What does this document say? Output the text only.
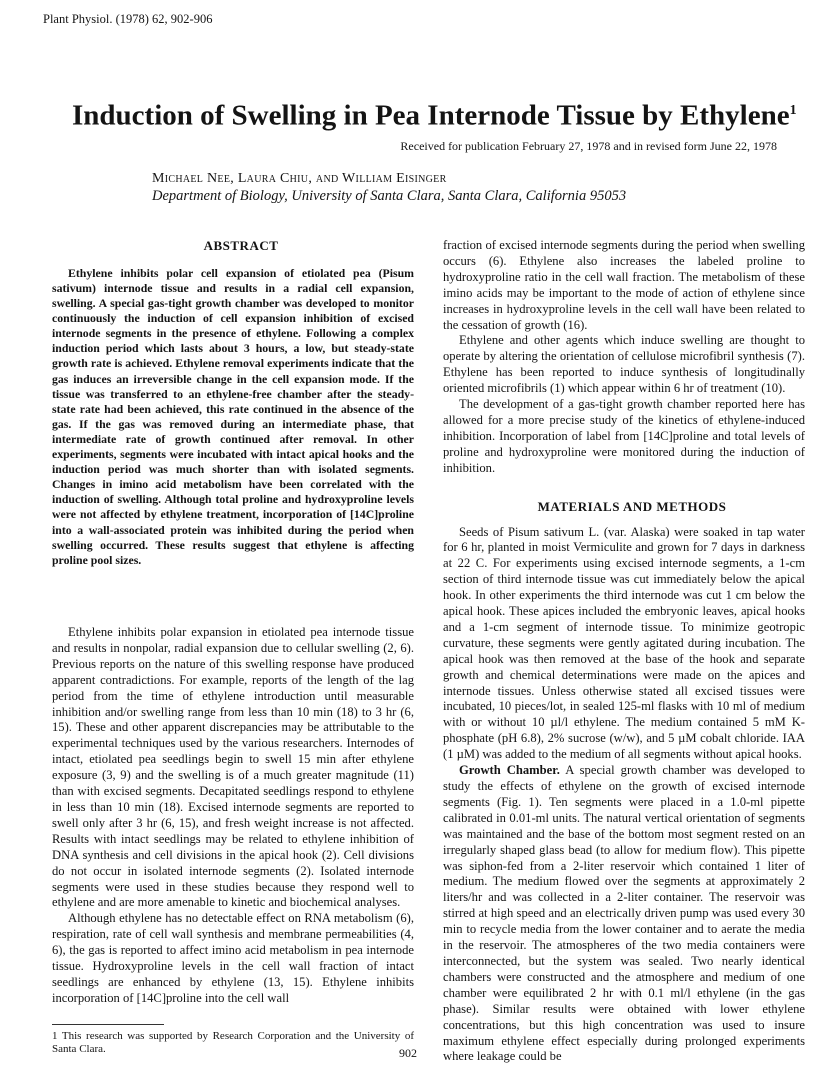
Plant Physiol. (1978) 62, 902-906
Induction of Swelling in Pea Internode Tissue by Ethylene$^1$
Received for publication February 27, 1978 and in revised form June 22, 1978
Michael Nee, Laura Chiu, and William Eisinger
Department of Biology, University of Santa Clara, Santa Clara, California 95053

ABSTRACT

Ethylene inhibits polar cell expansion of etiolated pea (Pisum sativum) internode tissue and results in a radial cell expansion, swelling. A special gas-tight growth chamber was developed to monitor continuously the induction of cell expansion inhibition of excised internode segments in the presence of ethylene. Following a complex induction period which lasts about 3 hours, a low, but steady-state growth rate is achieved. Ethylene removal experiments indicate that the gas induces an irreversible change in the cell expansion mode. If the tissue was transferred to an ethylene-free chamber after the steady-state rate had been achieved, this rate continued in the absence of the gas. If the gas was removed during an intermediate phase, that intermediate rate of growth continued after removal. In other experiments, segments were incubated with intact apical hooks and the induction period was much shorter than with isolated segments. Changes in imino acid metabolism have been correlated with the induction of swelling. Although total proline and hydroxyproline levels were not affected by ethylene treatment, incorporation of [14C]proline into a wall-associated protein was inhibited during the period when swelling occurred. These results suggest that ethylene is affecting proline pool sizes.

Ethylene inhibits polar expansion in etiolated pea internode tissue and results in nonpolar, radial expansion due to cellular swelling (2, 6). Previous reports on the nature of this swelling response have produced apparent contradictions. For example, reports of the length of the lag period from the time of ethylene introduction until measurable inhibition and/or swelling range from less than 10 min (18) to 3 hr (6, 15). These and other apparent discrepancies may be attributable to the experimental techniques used by the various researchers. Internodes of intact, etiolated pea seedlings begin to swell 15 min after ethylene exposure (3, 9) and the swelling is of a much greater magnitude (11) than with excised segments. Decapitated seedlings respond to ethylene in less than 10 min (18). Excised internode segments are reported to swell only after 3 hr (6, 15), and fresh weight increase is not affected. Results with intact seedlings may be related to ethylene inhibition of DNA synthesis and cell divisions in the apical hook (2). Cell divisions do not occur in isolated internode segments (2). Isolated internode segments were used in these studies because they respond well to ethylene and are more amenable to kinetic and biochemical analyses.

Although ethylene has no detectable effect on RNA metabolism (6), respiration, rate of cell wall synthesis and membrane permeabilities (4, 6), the gas is reported to affect imino acid metabolism in pea internode tissue. Hydroxyproline levels in the cell wall fraction of intact seedlings are enhanced by ethylene (13, 15). Ethylene inhibits incorporation of [14C]proline into the cell wall

fraction of excised internode segments during the period when swelling occurs (6). Ethylene also increases the labeled proline to hydroxyproline ratio in the cell wall fraction. The metabolism of these imino acids may be important to the mode of action of ethylene since increases in hydroxyproline levels in the cell wall have been related to the cessation of growth (16).

Ethylene and other agents which induce swelling are thought to operate by altering the orientation of cellulose microfibril synthesis (7). Ethylene has been reported to induce synthesis of longitudinally oriented microfibrils (1) which appear within 6 hr of treatment (10).

The development of a gas-tight growth chamber reported here has allowed for a more precise study of the kinetics of ethylene-induced inhibition. Incorporation of label from [14C]proline and total levels of proline and hydroxyproline were monitored during the induction of inhibition.

MATERIALS AND METHODS

Seeds of Pisum sativum L. (var. Alaska) were soaked in tap water for 6 hr, planted in moist Vermiculite and grown for 7 days in darkness at 22 C. For experiments using excised internode segments, a 1-cm section of third internode tissue was cut immediately below the apical hook. In other experiments the third internode was cut 1 cm below the apical hook. These apices included the embryonic leaves, apical hooks and a 1-cm segment of internode tissue. To minimize geotropic curvature, these segments were gently agitated during incubation. The apical hook was then removed at the base of the hook and separate growth and chemical determinations were made on the apices and internode tissues. Unless otherwise stated all excised tissues were incubated, 10 pieces/lot, in sealed 125-ml flasks with 10 ml of medium with or without 10 µl/l ethylene. The medium contained 5 mM K-phosphate (pH 6.8), 2% sucrose (w/w), and 5 µM cobalt chloride. IAA (1 µM) was added to the medium of all segments without apical hooks.

Growth Chamber. A special growth chamber was developed to study the effects of ethylene on the growth of excised internode segments (Fig. 1). Ten segments were placed in a 1.0-ml pipette calibrated in 0.01-ml units. The natural vertical orientation of segments was maintained and the base of the bottom most segment rested on an irregularly shaped glass bead (to allow for medium flow). This pipette was siphon-fed from a 2-liter reservoir which contained 1 liter of medium. The medium flowed over the segments at approximately 2 liters/hr and was collected in a 2-liter container. The reservoir was stirred at high speed and an electrically driven pump was used every 30 min to recycle media from the lower container and to aerate the media in the reservoir. The atmospheres of the two media containers were interconnected, but the system was sealed. Two nearly identical chambers were constructed and the atmosphere and medium of one chamber were equilibrated 2 hr with 0.1 ml/l ethylene (in the gas phase). Similar results were obtained with lower ethylene concentrations, but this high concentration was used to insure maximum ethylene effect especially during prolonged experiments where leakage could be

1 This research was supported by Research Corporation and the University of Santa Clara.	902
